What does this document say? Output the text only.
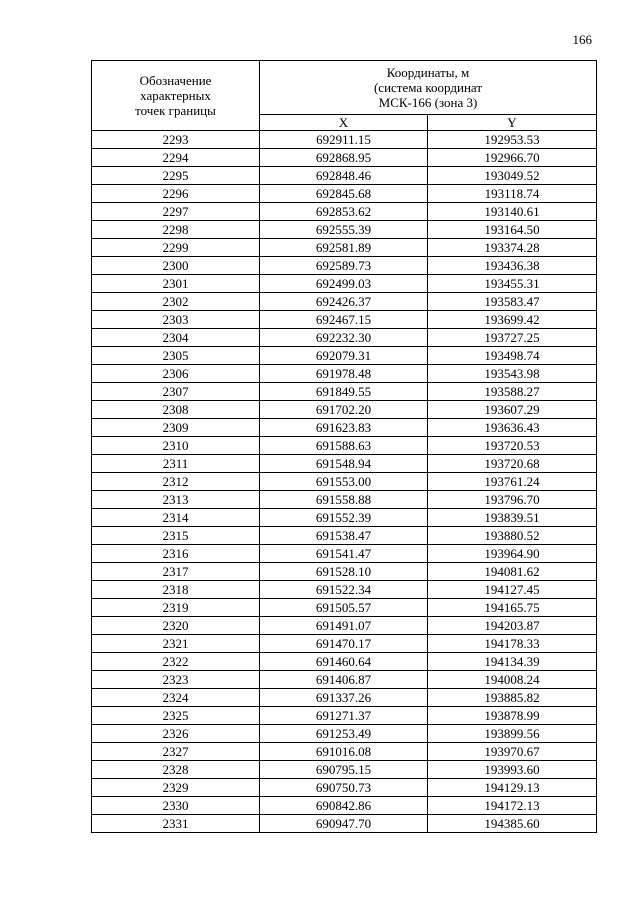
166
Обозначение
характерных
точек границы	Координаты, м
(система координат
МСК-166 (зона 3)	

	X	Y
2293	692911.15	192953.53
2294	692868.95	192966.70
2295	692848.46	193049.52
2296	692845.68	193118.74
2297	692853.62	193140.61
2298	692555.39	193164.50
2299	692581.89	193374.28
2300	692589.73	193436.38
2301	692499.03	193455.31
2302	692426.37	193583.47
2303	692467.15	193699.42
2304	692232.30	193727.25
2305	692079.31	193498.74
2306	691978.48	193543.98
2307	691849.55	193588.27
2308	691702.20	193607.29
2309	691623.83	193636.43
2310	691588.63	193720.53
2311	691548.94	193720.68
2312	691553.00	193761.24
2313	691558.88	193796.70
2314	691552.39	193839.51
2315	691538.47	193880.52
2316	691541.47	193964.90
2317	691528.10	194081.62
2318	691522.34	194127.45
2319	691505.57	194165.75
2320	691491.07	194203.87
2321	691470.17	194178.33
2322	691460.64	194134.39
2323	691406.87	194008.24
2324	691337.26	193885.82
2325	691271.37	193878.99
2326	691253.49	193899.56
2327	691016.08	193970.67
2328	690795.15	193993.60
2329	690750.73	194129.13
2330	690842.86	194172.13
2331	690947.70	194385.60
